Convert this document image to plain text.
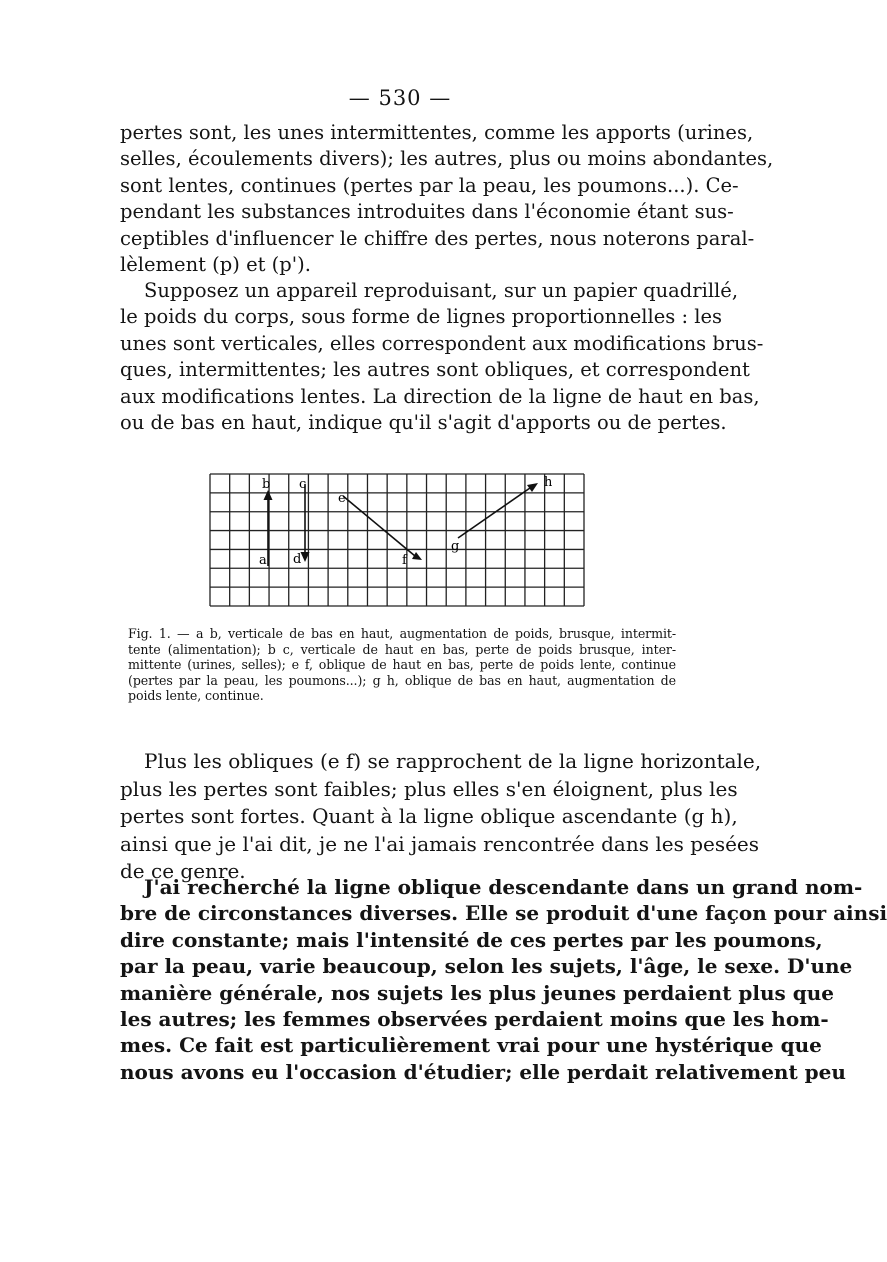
— 530 —
pertes sont, les unes intermittentes, comme les apports (urines,
selles, écoulements divers); les autres, plus ou moins abondantes,
sont lentes, continues (pertes par la peau, les poumons...). Ce-
pendant les substances introduites dans l'économie étant sus-
ceptibles d'influencer le chiffre des pertes, nous noterons paral-
lèlement (p) et (p').
Supposez un appareil reproduisant, sur un papier quadrillé,
le poids du corps, sous forme de lignes proportionnelles : les
unes sont verticales, elles correspondent aux modifications brus-
ques, intermittentes; les autres sont obliques, et correspondent
aux modifications lentes. La direction de la ligne de haut en bas,
ou de bas en haut, indique qu'il s'agit d'apports ou de pertes.
a
b c
d
e
f
g
h
Fig. 1. — a b, verticale de bas en haut, augmentation de poids, brusque, intermit-
tente (alimentation); b c, verticale de haut en bas, perte de poids brusque, inter-
mittente (urines, selles); e f, oblique de haut en bas, perte de poids lente, continue
(pertes par la peau, les poumons...); g h, oblique de bas en haut, augmentation de
poids lente, continue.
Plus les obliques (e f) se rapprochent de la ligne horizontale,
plus les pertes sont faibles; plus elles s'en éloignent, plus les
pertes sont fortes. Quant à la ligne oblique ascendante (g h),
ainsi que je l'ai dit, je ne l'ai jamais rencontrée dans les pesées
de ce genre.
J'ai recherché la ligne oblique descendante dans un grand nom-
bre de circonstances diverses. Elle se produit d'une façon pour ainsi
dire constante; mais l'intensité de ces pertes par les poumons,
par la peau, varie beaucoup, selon les sujets, l'âge, le sexe. D'une
manière générale, nos sujets les plus jeunes perdaient plus que
les autres; les femmes observées perdaient moins que les hom-
mes. Ce fait est particulièrement vrai pour une hystérique que
nous avons eu l'occasion d'étudier; elle perdait relativement peu
